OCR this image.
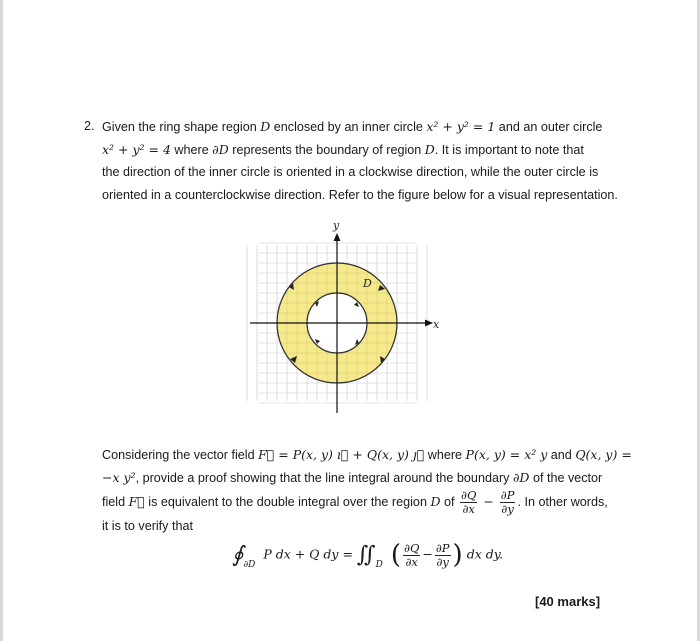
2. Given the ring shape region D enclosed by an inner circle x² + y² = 1 and an outer circle
x² + y² = 4 where ∂D represents the boundary of region D. It is important to note that
the direction of the inner circle is oriented in a clockwise direction, while the outer circle is
oriented in a counterclockwise direction. Refer to the figure below for a visual representation.
y
x
D
Considering the vector field F⃗ = P(x, y) ı⃗ + Q(x, y) ȷ⃗ where P(x, y) = x² y and Q(x, y) =
−x y², provide a proof showing that the line integral around the boundary ∂D of the vector
field F⃗ is equivalent to the double integral over the region D of $\frac{\partial Q}{\partial x} - \frac{\partial P}{\partial y}$ . In other words,
it is to verify that
$∮_{\partial D}$ P dx + Q dy = $∬_D$ ( $\frac{\partial Q}{\partial x} - \frac{\partial P}{\partial y}$ ) dx dy.
[40 marks]
